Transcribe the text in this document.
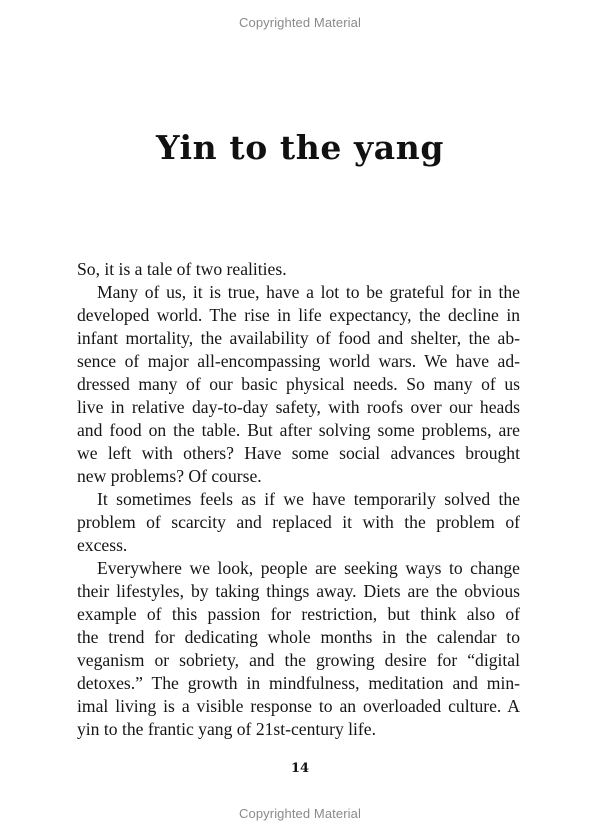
Copyrighted Material
Yin to the yang
So, it is a tale of two realities.
Many of us, it is true, have a lot to be grateful for in the
developed world. The rise in life expectancy, the decline in
infant mortality, the availability of food and shelter, the ab-
sence of major all-encompassing world wars. We have ad-
dressed many of our basic physical needs. So many of us
live in relative day-to-day safety, with roofs over our heads
and food on the table. But after solving some problems, are
we left with others? Have some social advances brought
new problems? Of course.
It sometimes feels as if we have temporarily solved the
problem of scarcity and replaced it with the problem of
excess.
Everywhere we look, people are seeking ways to change
their lifestyles, by taking things away. Diets are the obvious
example of this passion for restriction, but think also of
the trend for dedicating whole months in the calendar to
veganism or sobriety, and the growing desire for “digital
detoxes.” The growth in mindfulness, meditation and min-
imal living is a visible response to an overloaded culture. A
yin to the frantic yang of 21st-century life.
14
Copyrighted Material
